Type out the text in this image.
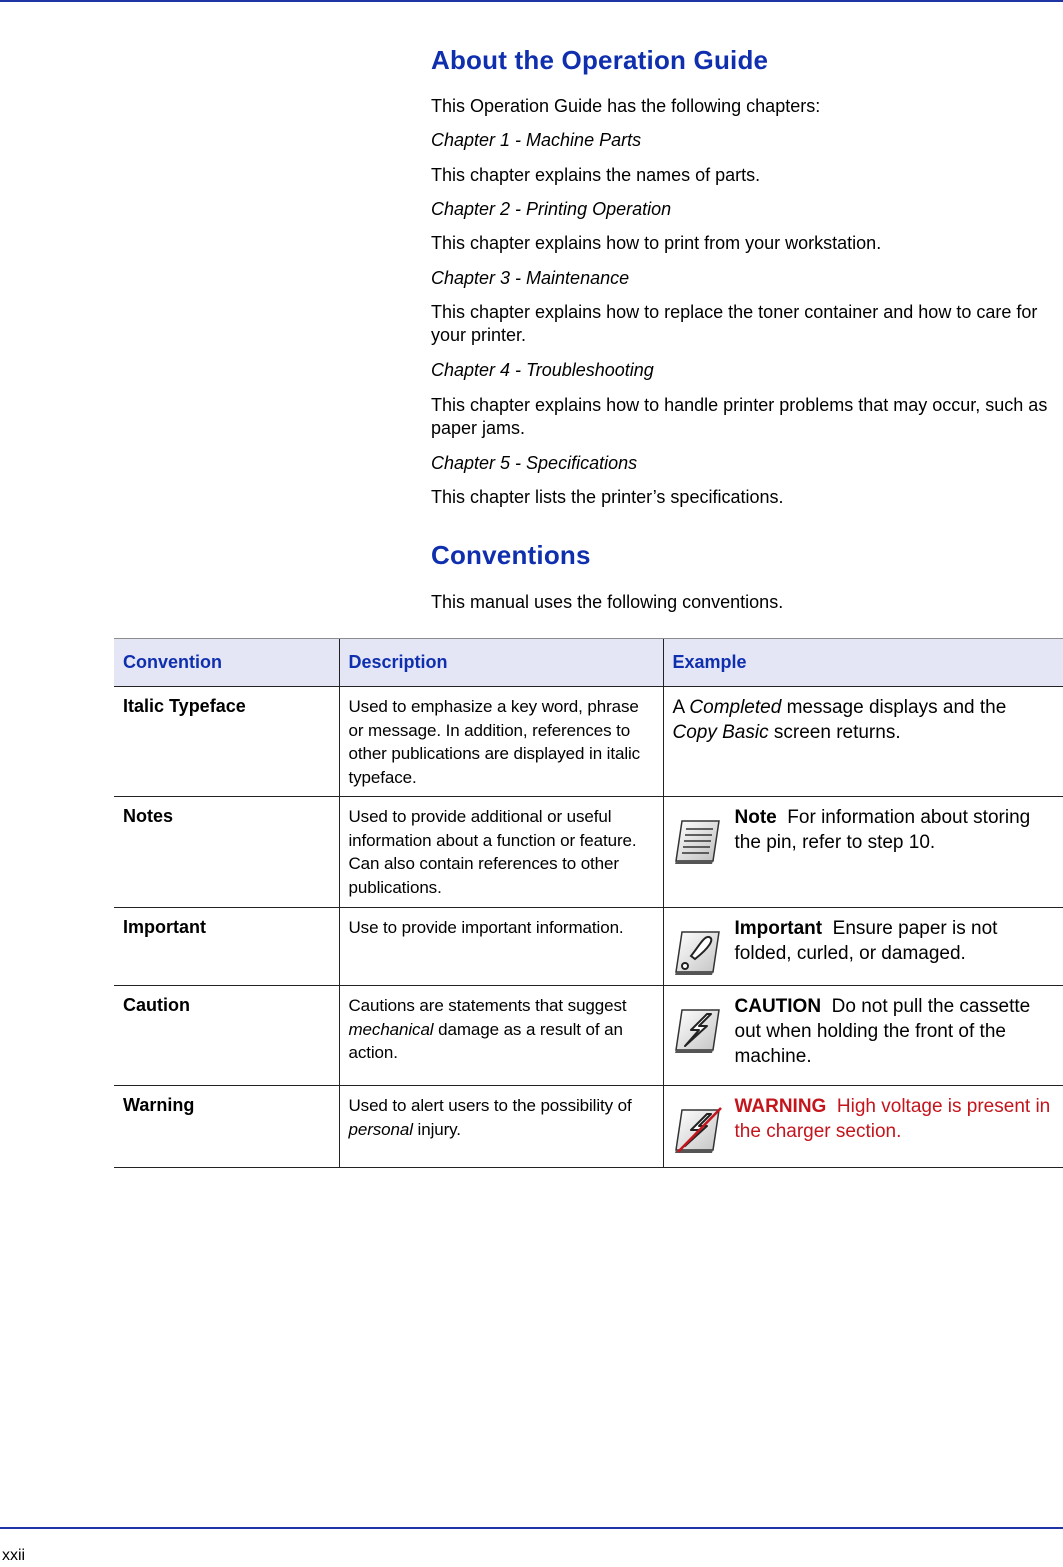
About the Operation Guide

This Operation Guide has the following chapters:

Chapter 1 - Machine Parts

This chapter explains the names of parts.

Chapter 2 - Printing Operation

This chapter explains how to print from your workstation.

Chapter 3 - Maintenance

This chapter explains how to replace the toner container and how to care for your printer.

Chapter 4 - Troubleshooting

This chapter explains how to handle printer problems that may occur, such as paper jams.

Chapter 5 - Specifications

This chapter lists the printer’s specifications.

Conventions

This manual uses the following conventions.

Convention	Description	Example
Italic Typeface	Used to emphasize a key word, phrase or message. In addition, references to other publications are displayed in italic typeface.	A Completed message displays and the Copy Basic screen returns.
Notes	Used to provide additional or useful information about a function or feature. Can also contain references to other publications.	Note For information about storing the pin, refer to step 10.

Important	Use to provide important information.	Important Ensure paper is not folded, curled, or damaged.

Caution	Cautions are statements that suggest mechanical damage as a result of an action.	CAUTION Do not pull the cassette out when holding the front of the machine.

Warning	Used to alert users to the possibility of personal injury.	WARNING High voltage is present in the charger section.
xxii
